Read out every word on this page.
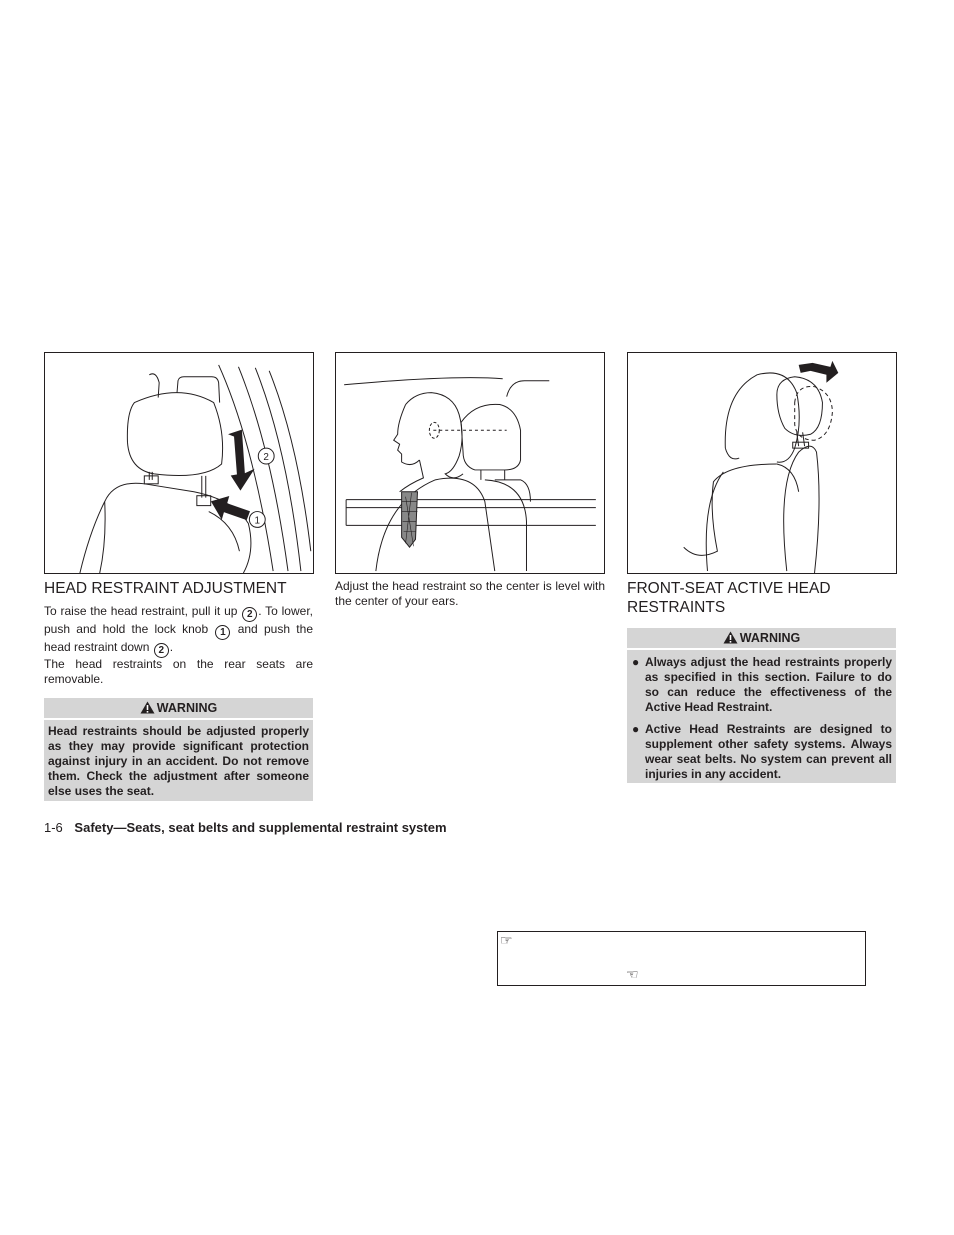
2
1
HEAD RESTRAINT ADJUSTMENT

To raise the head restraint, pull it up 2 . To lower, push and hold the lock knob 1 and push the head restraint down 2 .

The head restraints on the rear seats are removable.

WARNING
Head restraints should be adjusted properly as they may provide significant protection against injury in an accident. Do not remove them. Check the adjustment after someone else uses the seat.

Adjust the head restraint so the center is level with the center of your ears.

FRONT-SEAT ACTIVE HEAD RESTRAINTS
WARNING
● Always adjust the head restraints properly as specified in this section. Failure to do so can reduce the effectiveness of the Active Head Restraint.
● Active Head Restraints are designed to supplement other safety systems. Always wear seat belts. No system can prevent all injuries in any accident.
1-6 Safety—Seats, seat belts and supplemental restraint system
☞
☜
